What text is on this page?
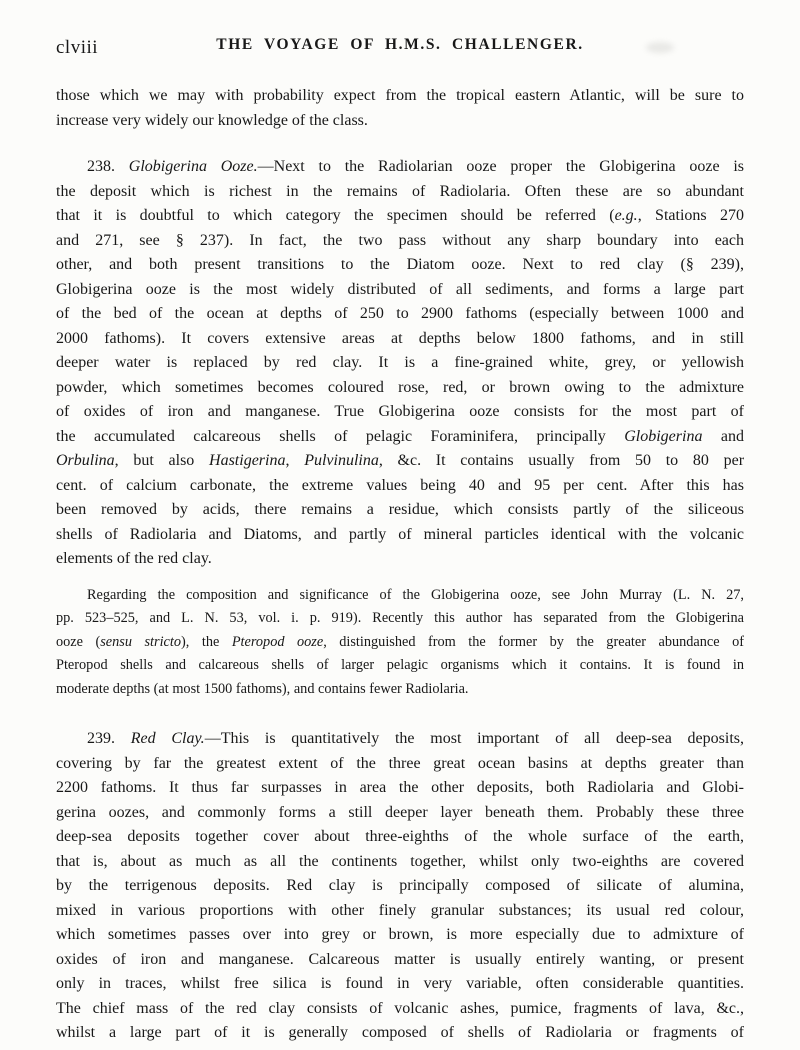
clviii	THE VOYAGE OF H.M.S. CHALLENGER.
those which we may with probability expect from the tropical eastern Atlantic, will be sure to
increase very widely our knowledge of the class.
238. Globigerina Ooze.—Next to the Radiolarian ooze proper the Globigerina ooze is
the deposit which is richest in the remains of Radiolaria. Often these are so abundant
that it is doubtful to which category the specimen should be referred (e.g., Stations 270
and 271, see § 237). In fact, the two pass without any sharp boundary into each
other, and both present transitions to the Diatom ooze. Next to red clay (§ 239),
Globigerina ooze is the most widely distributed of all sediments, and forms a large part
of the bed of the ocean at depths of 250 to 2900 fathoms (especially between 1000 and
2000 fathoms). It covers extensive areas at depths below 1800 fathoms, and in still
deeper water is replaced by red clay. It is a fine-grained white, grey, or yellowish
powder, which sometimes becomes coloured rose, red, or brown owing to the admixture
of oxides of iron and manganese. True Globigerina ooze consists for the most part of
the accumulated calcareous shells of pelagic Foraminifera, principally Globigerina and
Orbulina, but also Hastigerina, Pulvinulina, &c. It contains usually from 50 to 80 per
cent. of calcium carbonate, the extreme values being 40 and 95 per cent. After this has
been removed by acids, there remains a residue, which consists partly of the siliceous
shells of Radiolaria and Diatoms, and partly of mineral particles identical with the volcanic
elements of the red clay.
Regarding the composition and significance of the Globigerina ooze, see John Murray (L. N. 27,
pp. 523–525, and L. N. 53, vol. i. p. 919). Recently this author has separated from the Globigerina
ooze (sensu stricto), the Pteropod ooze, distinguished from the former by the greater abundance of
Pteropod shells and calcareous shells of larger pelagic organisms which it contains. It is found in
moderate depths (at most 1500 fathoms), and contains fewer Radiolaria.
239. Red Clay.—This is quantitatively the most important of all deep-sea deposits,
covering by far the greatest extent of the three great ocean basins at depths greater than
2200 fathoms. It thus far surpasses in area the other deposits, both Radiolaria and Globi-
gerina oozes, and commonly forms a still deeper layer beneath them. Probably these three
deep-sea deposits together cover about three-eighths of the whole surface of the earth,
that is, about as much as all the continents together, whilst only two-eighths are covered
by the terrigenous deposits. Red clay is principally composed of silicate of alumina,
mixed in various proportions with other finely granular substances; its usual red colour,
which sometimes passes over into grey or brown, is more especially due to admixture of
oxides of iron and manganese. Calcareous matter is usually entirely wanting, or present
only in traces, whilst free silica is found in very variable, often considerable quantities.
The chief mass of the red clay consists of volcanic ashes, pumice, fragments of lava, &c.,
whilst a large part of it is generally composed of shells of Radiolaria or fragments of
